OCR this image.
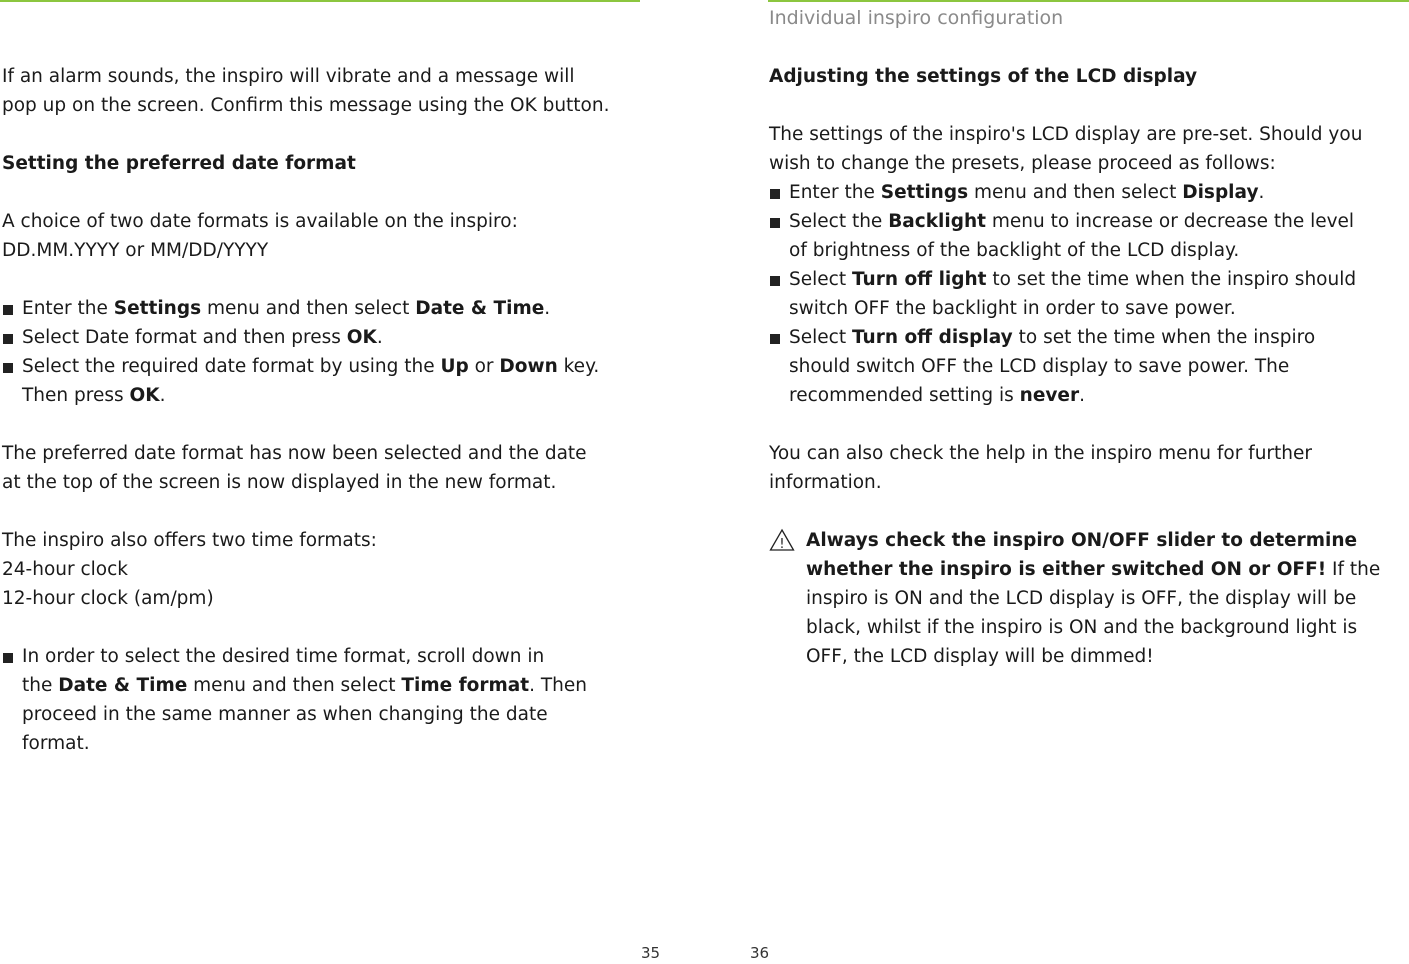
Individual inspiro configuration

If an alarm sounds, the inspiro will vibrate and a message will

pop up on the screen. Confirm this message using the OK button.

Setting the preferred date format

A choice of two date formats is available on the inspiro:

DD.MM.YYYY or MM/DD/YYYY

Enter the Settings menu and then select Date & Time.
Select Date format and then press OK.
Select the required date format by using the Up or Down key.
Then press OK.

The preferred date format has now been selected and the date

at the top of the screen is now displayed in the new format.

The inspiro also offers two time formats:

24-hour clock

12-hour clock (am/pm)

In order to select the desired time format, scroll down in
the Date & Time menu and then select Time format. Then
proceed in the same manner as when changing the date
format.

Adjusting the settings of the LCD display

The settings of the inspiro's LCD display are pre-set. Should you

wish to change the presets, please proceed as follows:

Enter the Settings menu and then select Display.
Select the Backlight menu to increase or decrease the level
of brightness of the backlight of the LCD display.
Select Turn off light to set the time when the inspiro should
switch OFF the backlight in order to save power.
Select Turn off display to set the time when the inspiro
should switch OFF the LCD display to save power. The
recommended setting is never.

You can also check the help in the inspiro menu for further

information.

! Always check the inspiro ON/OFF slider to determine
whether the inspiro is either switched ON or OFF! If the
inspiro is ON and the LCD display is OFF, the display will be
black, whilst if the inspiro is ON and the background light is
OFF, the LCD display will be dimmed!
35	36
